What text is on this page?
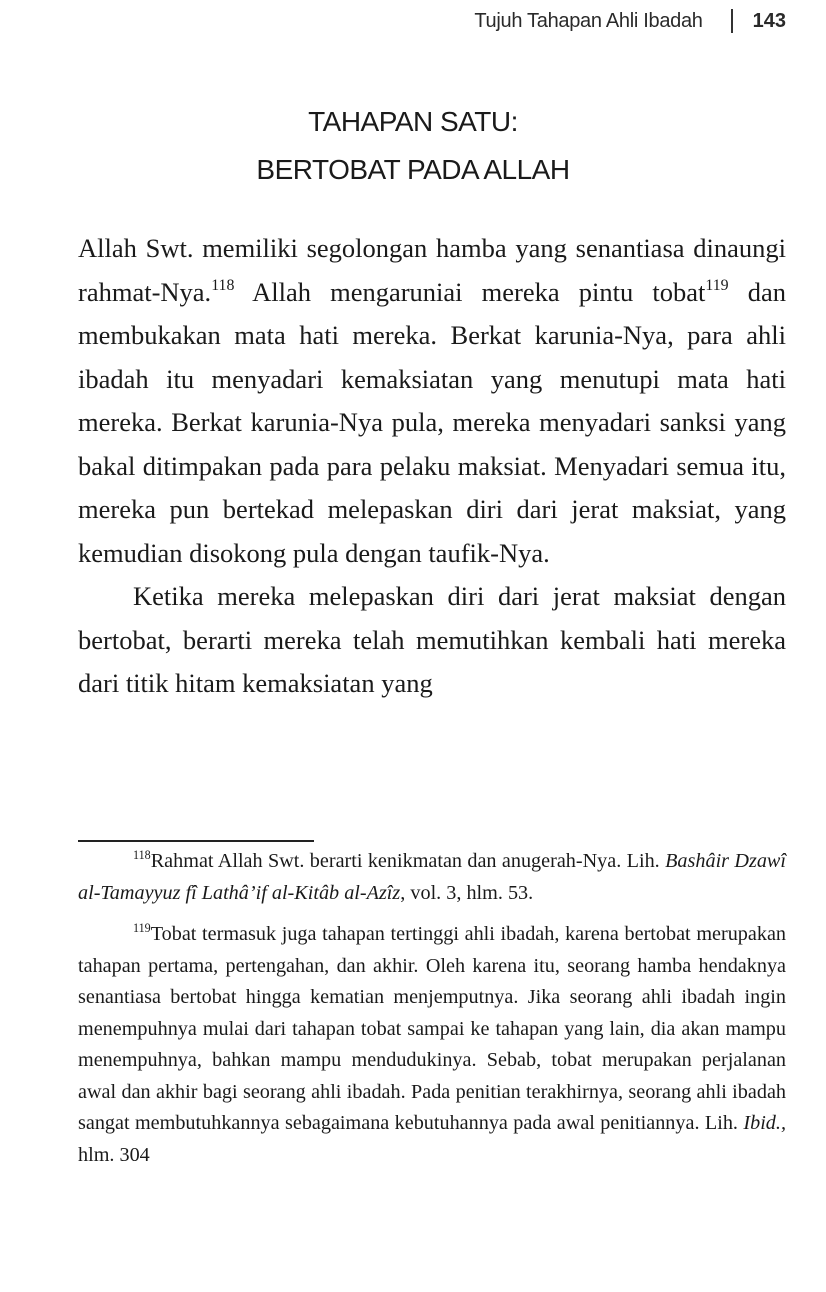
Tujuh Tahapan Ahli Ibadah	143
TAHAPAN SATU:
BERTOBAT PADA ALLAH

Allah Swt. memiliki segolongan hamba yang senantiasa dinaungi rahmat-Nya.$^{118}$ Allah mengaruniai mereka pintu tobat$^{119}$ dan membukakan mata hati mereka. Berkat karunia-Nya, para ahli ibadah itu menyadari kemaksiatan yang menutupi mata hati mereka. Berkat karunia-Nya pula, mereka menyadari sanksi yang bakal ditimpakan pada para pelaku maksiat. Menyadari semua itu, mereka pun bertekad melepaskan diri dari jerat maksiat, yang kemudian disokong pula dengan taufik-Nya.

Ketika mereka melepaskan diri dari jerat maksiat dengan bertobat, berarti mereka telah memutihkan kembali hati mereka dari titik hitam kemaksiatan yang

$^{118}$Rahmat Allah Swt. berarti kenikmatan dan anugerah-Nya. Lih. Bashâir Dzawî al-Tamayyuz fî Lathâ’if al-Kitâb al-Azîz, vol. 3, hlm. 53.

$^{119}$Tobat termasuk juga tahapan tertinggi ahli ibadah, karena bertobat merupakan tahapan pertama, pertengahan, dan akhir. Oleh karena itu, seorang hamba hendaknya senantiasa bertobat hingga kematian menjemputnya. Jika seorang ahli ibadah ingin menempuhnya mulai dari tahapan tobat sampai ke tahapan yang lain, dia akan mampu menempuhnya, bahkan mampu mendudukinya. Sebab, tobat merupakan perjalanan awal dan akhir bagi seorang ahli ibadah. Pada penitian terakhirnya, seorang ahli ibadah sangat membutuhkannya sebagaimana kebutuhannya pada awal penitiannya. Lih. Ibid., hlm. 304
